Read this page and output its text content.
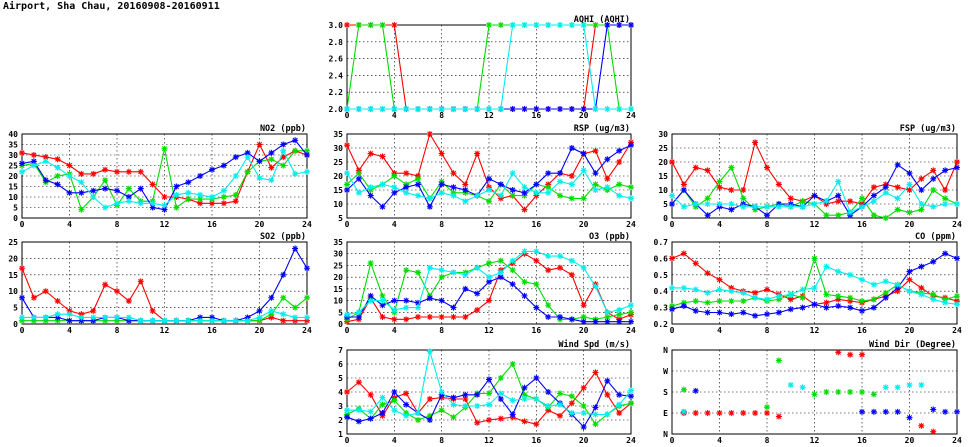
Airport, Sha Chau, 20160908-20160911
0	4	8	12	16	20	24
2.0
2.2
2.4
2.6
2.8
3.0
AQHI (AQHI)
0	4	8	12	16	20	24
0
5
10
15
20
25
30
35
40
NO2 (ppb)
0	4	8	12	16	20	24
0
5
10
15
20
25
SO2 (ppb)
0	4	8	12	16	20	24
5
10
15
20
25
30
35
RSP (ug/m3)
0	4	8	12	16	20	24
0
5
10
15
20
25
30
FSP (ug/m3)
0	4	8	12	16	20	24
0
5
10
15
20
25
30
35
O3 (ppb)
0	4	8	12	16	20	24
0.2
0.3
0.4
0.5
0.6
0.7
CO (ppm)
0	4	8	12	16	20	24
1
2
3
4
5
6
7
Wind Spd (m/s)
0	4	8	12	16	20	24
N
E
S
W
N
Wind Dir (Degree)
